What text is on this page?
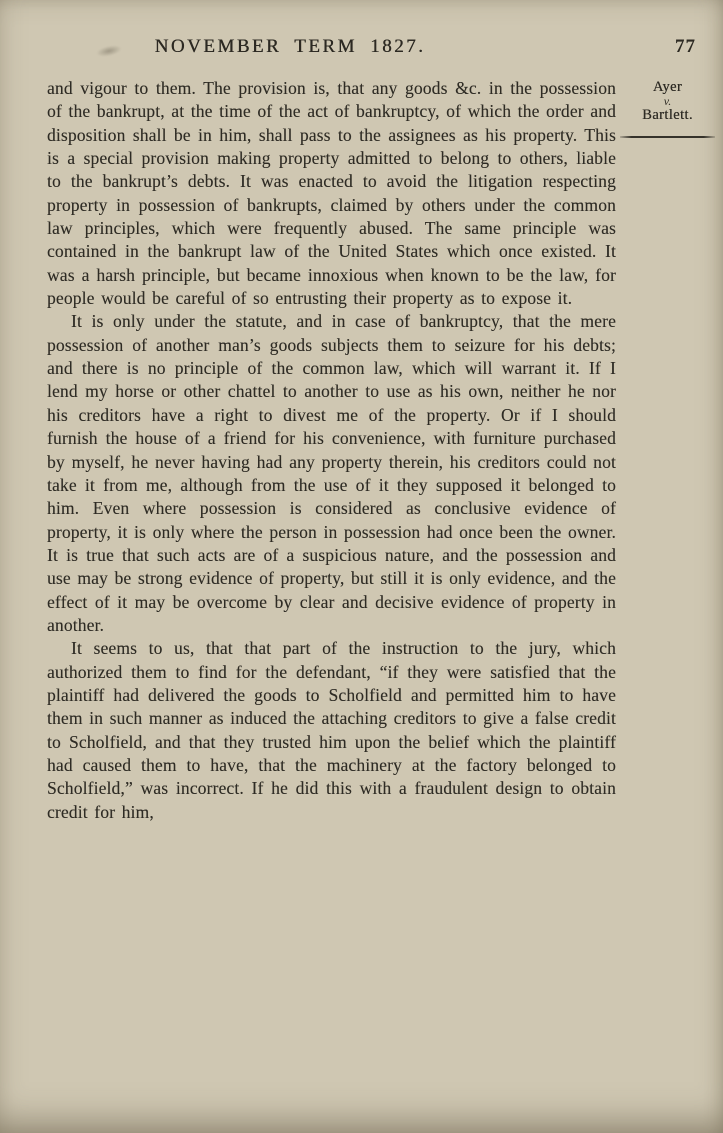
NOVEMBER TERM 1827.	77
Ayer
v.
Bartlett.

and vigour to them. The provision is, that any goods &c. in the possession of the bankrupt, at the time of the act of bankruptcy, of which the order and disposition shall be in him, shall pass to the assignees as his property. This is a special provision making property admitted to belong to others, liable to the bankrupt’s debts. It was enacted to avoid the litigation respecting property in possession of bankrupts, claimed by others under the common law principles, which were frequently abused. The same principle was contained in the bankrupt law of the United States which once existed. It was a harsh principle, but became innoxious when known to be the law, for people would be careful of so entrusting their property as to expose it.

It is only under the statute, and in case of bankruptcy, that the mere possession of another man’s goods subjects them to seizure for his debts; and there is no principle of the common law, which will warrant it. If I lend my horse or other chattel to another to use as his own, neither he nor his creditors have a right to divest me of the property. Or if I should furnish the house of a friend for his convenience, with furniture purchased by myself, he never having had any property therein, his creditors could not take it from me, although from the use of it they supposed it belonged to him. Even where possession is considered as conclusive evidence of property, it is only where the person in possession had once been the owner. It is true that such acts are of a suspicious nature, and the possession and use may be strong evidence of property, but still it is only evidence, and the effect of it may be overcome by clear and decisive evidence of property in another.

It seems to us, that that part of the instruction to the jury, which authorized them to find for the defendant, “if they were satisfied that the plaintiff had delivered the goods to Scholfield and permitted him to have them in such manner as induced the attaching creditors to give a false credit to Scholfield, and that they trusted him upon the belief which the plaintiff had caused them to have, that the machinery at the factory belonged to Scholfield,” was incorrect. If he did this with a fraudulent design to obtain credit for him,
